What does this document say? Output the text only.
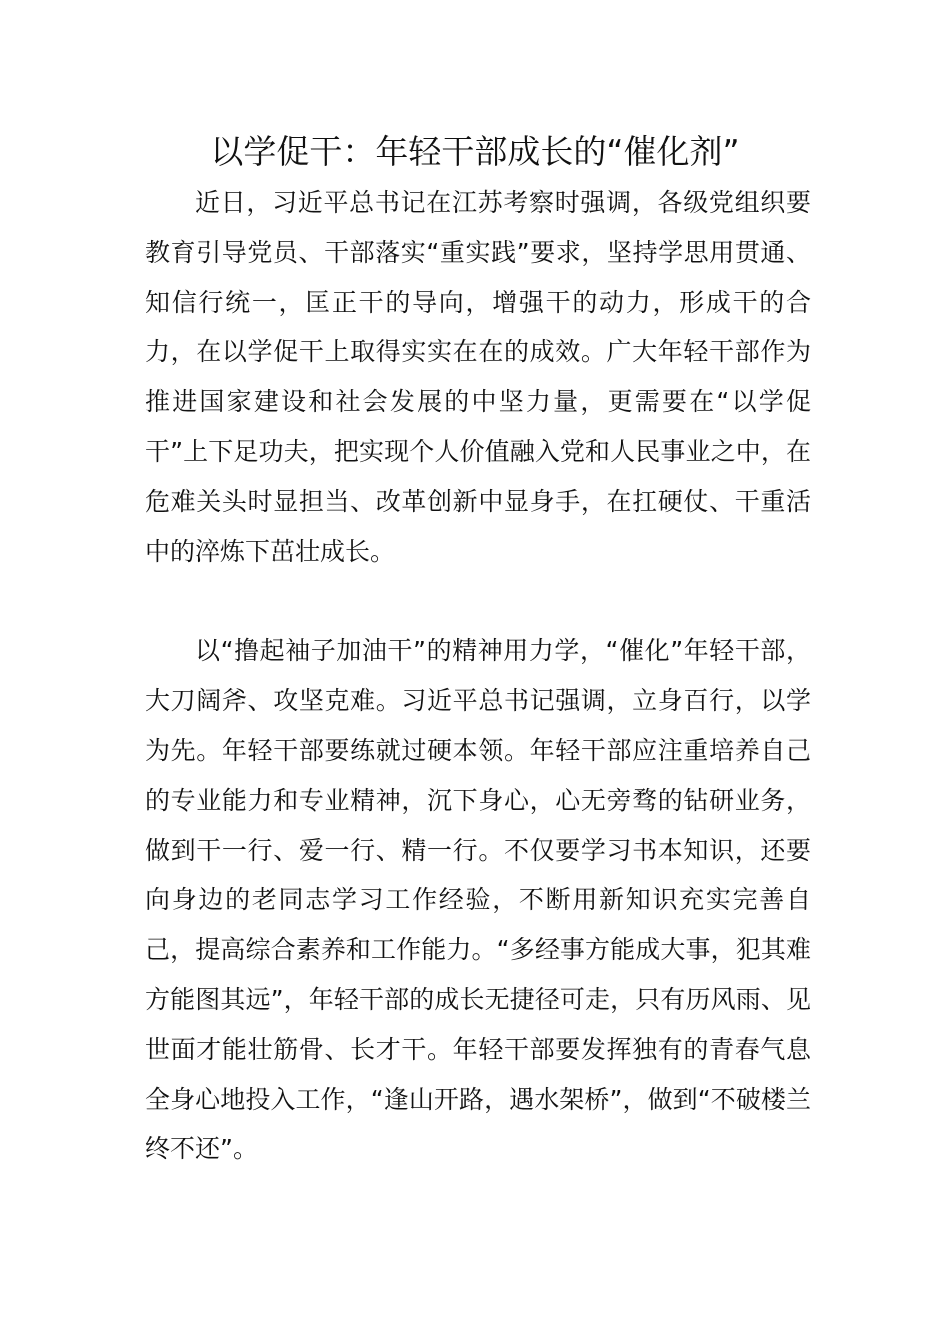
以学促干：年轻干部成长的“催化剂”

近日，习近平总书记在江苏考察时强调，各级党组织要教育引导党员、干部落实“重实践”要求，坚持学思用贯通、知信行统一，匡正干的导向，增强干的动力，形成干的合力，在以学促干上取得实实在在的成效。广大年轻干部作为推进国家建设和社会发展的中坚力量，更需要在“以学促干”上下足功夫，把实现个人价值融入党和人民事业之中，在危难关头时显担当、改革创新中显身手，在扛硬仗、干重活中的淬炼下茁壮成长。

以“撸起袖子加油干”的精神用力学，“催化”年轻干部，大刀阔斧、攻坚克难。习近平总书记强调，立身百行，以学为先。年轻干部要练就过硬本领。年轻干部应注重培养自己的专业能力和专业精神，沉下身心，心无旁骛的钻研业务，做到干一行、爱一行、精一行。不仅要学习书本知识，还要向身边的老同志学习工作经验，不断用新知识充实完善自己，提高综合素养和工作能力。“多经事方能成大事，犯其难方能图其远”，年轻干部的成长无捷径可走，只有历风雨、见世面才能壮筋骨、长才干。年轻干部要发挥独有的青春气息全身心地投入工作，“逢山开路，遇水架桥”，做到“不破楼兰终不还”。
